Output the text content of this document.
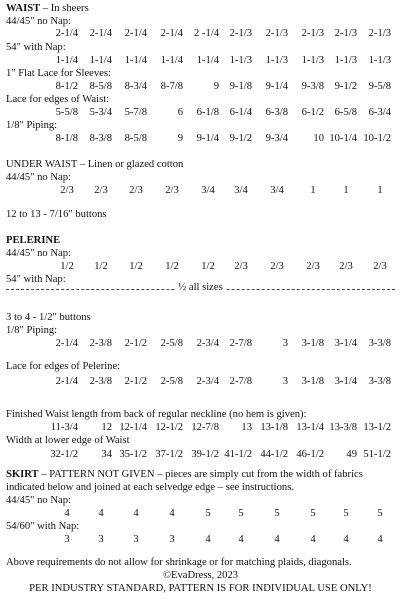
WAIST – In sheers
44/45" no Nap:
2-1/4 2-1/4 2-1/4 2-1/4 2 -1/4 2-1/3 2-1/3 2-1/3 2-1/3 2-1/3
54" with Nap:
1-1/4 1-1/4 1-1/4 1-1/4 1-1/4 1-1/3 1-1/3 1-1/3 1-1/3 1-1/3
1" Flat Lace for Sleeves:
8-1/2 8-5/8 8-3/4 8-7/8	9 9-1/8 9-1/4 9-3/8 9-1/2 9-5/8
Lace for edges of Waist:
5-5/8 5-3/4 5-7/8	6 6-1/8 6-1/4 6-3/8 6-1/2 6-5/8 6-3/4
1/8" Piping:
8-1/8 8-3/8 8-5/8	9 9-1/4 9-1/2 9-3/4 10 10-1/4 10-1/2
UNDER WAIST – Linen or glazed cotton
44/45" no Nap:
2/3	2/3	2/3	2/3	3/4	3/4	3/4	1	1	1
12 to 13 - 7/16" buttons
PELERINE
44/45" no Nap:
1/2	1/2	1/2	1/2	1/2	2/3	2/3	2/3	2/3	2/3
54" with Nap:
½ all sizes
3 to 4 - 1/2" buttons
1/8" Piping:
2-1/4 2-3/8 2-1/2 2-5/8 2-3/4 2-7/8	3 3-1/8 3-1/4 3-3/8
Lace for edges of Pelerine:
2-1/4 2-3/8 2-1/2 2-5/8 2-3/4 2-7/8	3 3-1/8 3-1/4 3-3/8
Finished Waist length from back of regular neckline (no hem is given):
11-3/4 12 12-1/4 12-1/2 12-7/8 13 13-1/8 13-1/4 13-3/8 13-1/2
Width at lower edge of Waist
32-1/2 34 35-1/2 37-1/2 39-1/2 41-1/2 44-1/2 46-1/2 49 51-1/2
SKIRT – PATTERN NOT GIVEN – pieces are simply cut from the width of fabrics
indicated below and joined at each selvedge edge – see instructions.
44/45" no Nap:
4	4	4	4	5	5	5	5	5	5
54/60" with Nap:
3	3	3	3	4	4	4	4	4	4
Above requirements do not allow for shrinkage or for matching plaids, diagonals.
©EvaDress, 2023
PER INDUSTRY STANDARD, PATTERN IS FOR INDIVIDUAL USE ONLY!
